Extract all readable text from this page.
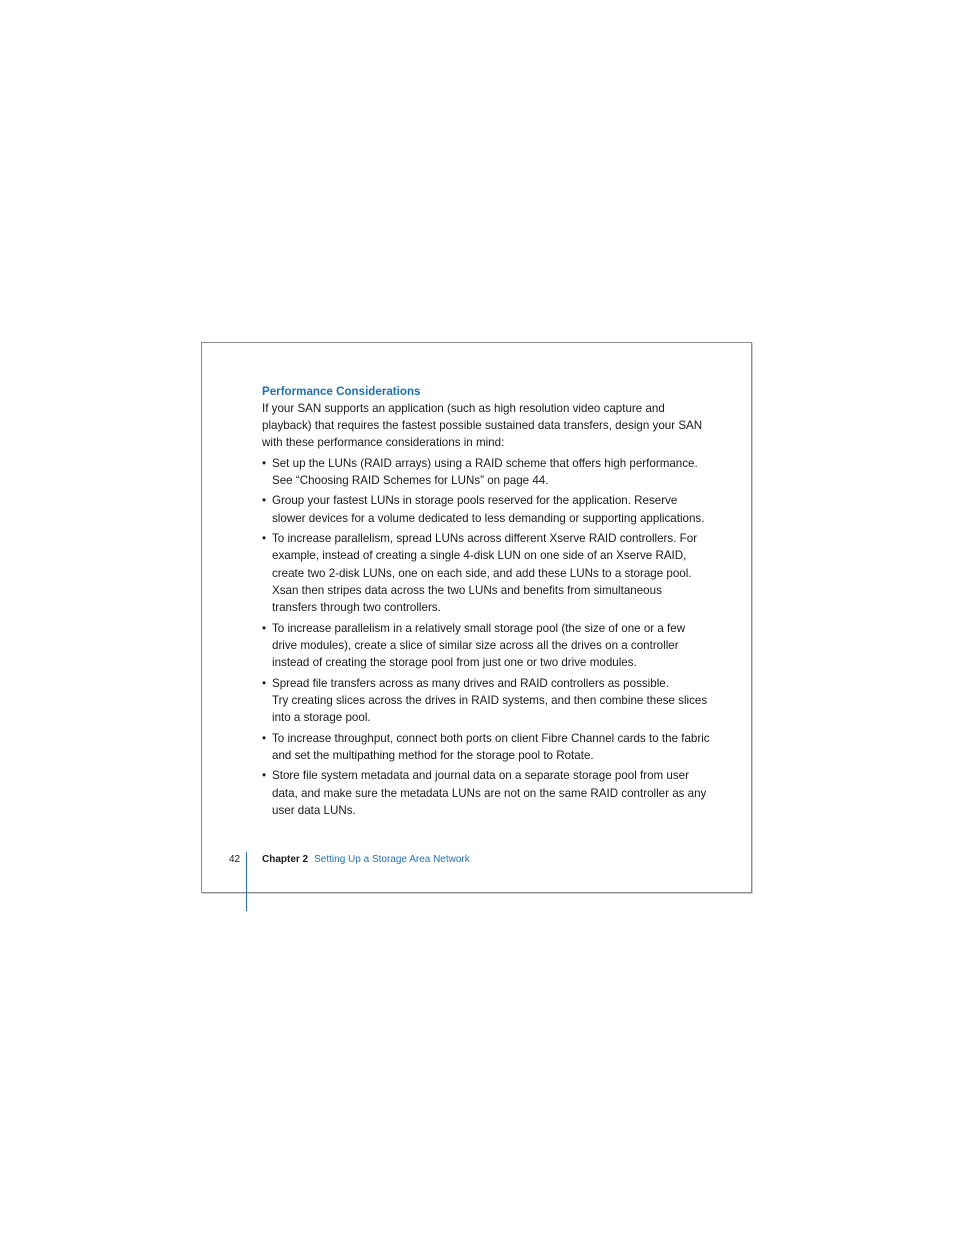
Performance Considerations
If your SAN supports an application (such as high resolution video capture and playback) that requires the fastest possible sustained data transfers, design your SAN with these performance considerations in mind:
• Set up the LUNs (RAID arrays) using a RAID scheme that offers high performance. See “Choosing RAID Schemes for LUNs” on page 44.
• Group your fastest LUNs in storage pools reserved for the application. Reserve slower devices for a volume dedicated to less demanding or supporting applications.
• To increase parallelism, spread LUNs across different Xserve RAID controllers. For example, instead of creating a single 4-disk LUN on one side of an Xserve RAID, create two 2-disk LUNs, one on each side, and add these LUNs to a storage pool. Xsan then stripes data across the two LUNs and benefits from simultaneous transfers through two controllers.
• To increase parallelism in a relatively small storage pool (the size of one or a few drive modules), create a slice of similar size across all the drives on a controller instead of creating the storage pool from just one or two drive modules.
• Spread file transfers across as many drives and RAID controllers as possible.
Try creating slices across the drives in RAID systems, and then combine these slices into a storage pool.
• To increase throughput, connect both ports on client Fibre Channel cards to the fabric and set the multipathing method for the storage pool to Rotate.
• Store file system metadata and journal data on a separate storage pool from user data, and make sure the metadata LUNs are not on the same RAID controller as any user data LUNs.
42 Chapter 2 Setting Up a Storage Area Network
